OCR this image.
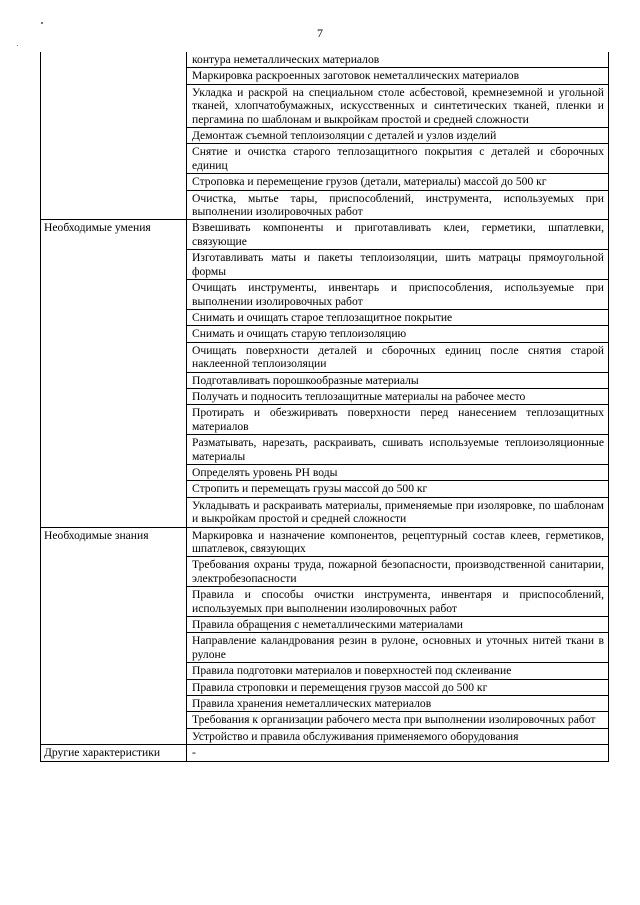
7
	контура неметаллических материалов
	Маркировка раскроенных заготовок неметаллических материалов
	Укладка и раскрой на специальном столе асбестовой, кремнеземной и угольной тканей, хлопчатобумажных, искусственных и синтетических тканей, пленки и пергамина по шаблонам и выкройкам простой и средней сложности
	Демонтаж съемной теплоизоляции с деталей и узлов изделий
	Снятие и очистка старого теплозащитного покрытия с деталей и сборочных единиц
	Строповка и перемещение грузов (детали, материалы) массой до 500 кг
	Очистка, мытье тары, приспособлений, инструмента, используемых при выполнении изолировочных работ
Необходимые умения	Взвешивать компоненты и приготавливать клеи, герметики, шпатлевки, связующие
	Изготавливать маты и пакеты теплоизоляции, шить матрацы прямоугольной формы
	Очищать инструменты, инвентарь и приспособления, используемые при выполнении изолировочных работ
	Снимать и очищать старое теплозащитное покрытие
	Снимать и очищать старую теплоизоляцию
	Очищать поверхности деталей и сборочных единиц после снятия старой наклеенной теплоизоляции
	Подготавливать порошкообразные материалы
	Получать и подносить теплозащитные материалы на рабочее место
	Протирать и обезжиривать поверхности перед нанесением теплозащитных материалов
	Разматывать, нарезать, раскраивать, сшивать используемые теплоизоляционные материалы
	Определять уровень РН воды
	Стропить и перемещать грузы массой до 500 кг
	Укладывать и раскраивать материалы, применяемые при изоляровке, по шаблонам и выкройкам простой и средней сложности
Необходимые знания	Маркировка и назначение компонентов, рецептурный состав клеев, герметиков, шпатлевок, связующих
	Требования охраны труда, пожарной безопасности, производственной санитарии, электробезопасности
	Правила и способы очистки инструмента, инвентаря и приспособлений, используемых при выполнении изолировочных работ
	Правила обращения с неметаллическими материалами
	Направление каландрования резин в рулоне, основных и уточных нитей ткани в рулоне
	Правила подготовки материалов и поверхностей под склеивание
	Правила строповки и перемещения грузов массой до 500 кг
	Правила хранения неметаллических материалов
	Требования к организации рабочего места при выполнении изолировочных работ
	Устройство и правила обслуживания применяемого оборудования
Другие характеристики	-
